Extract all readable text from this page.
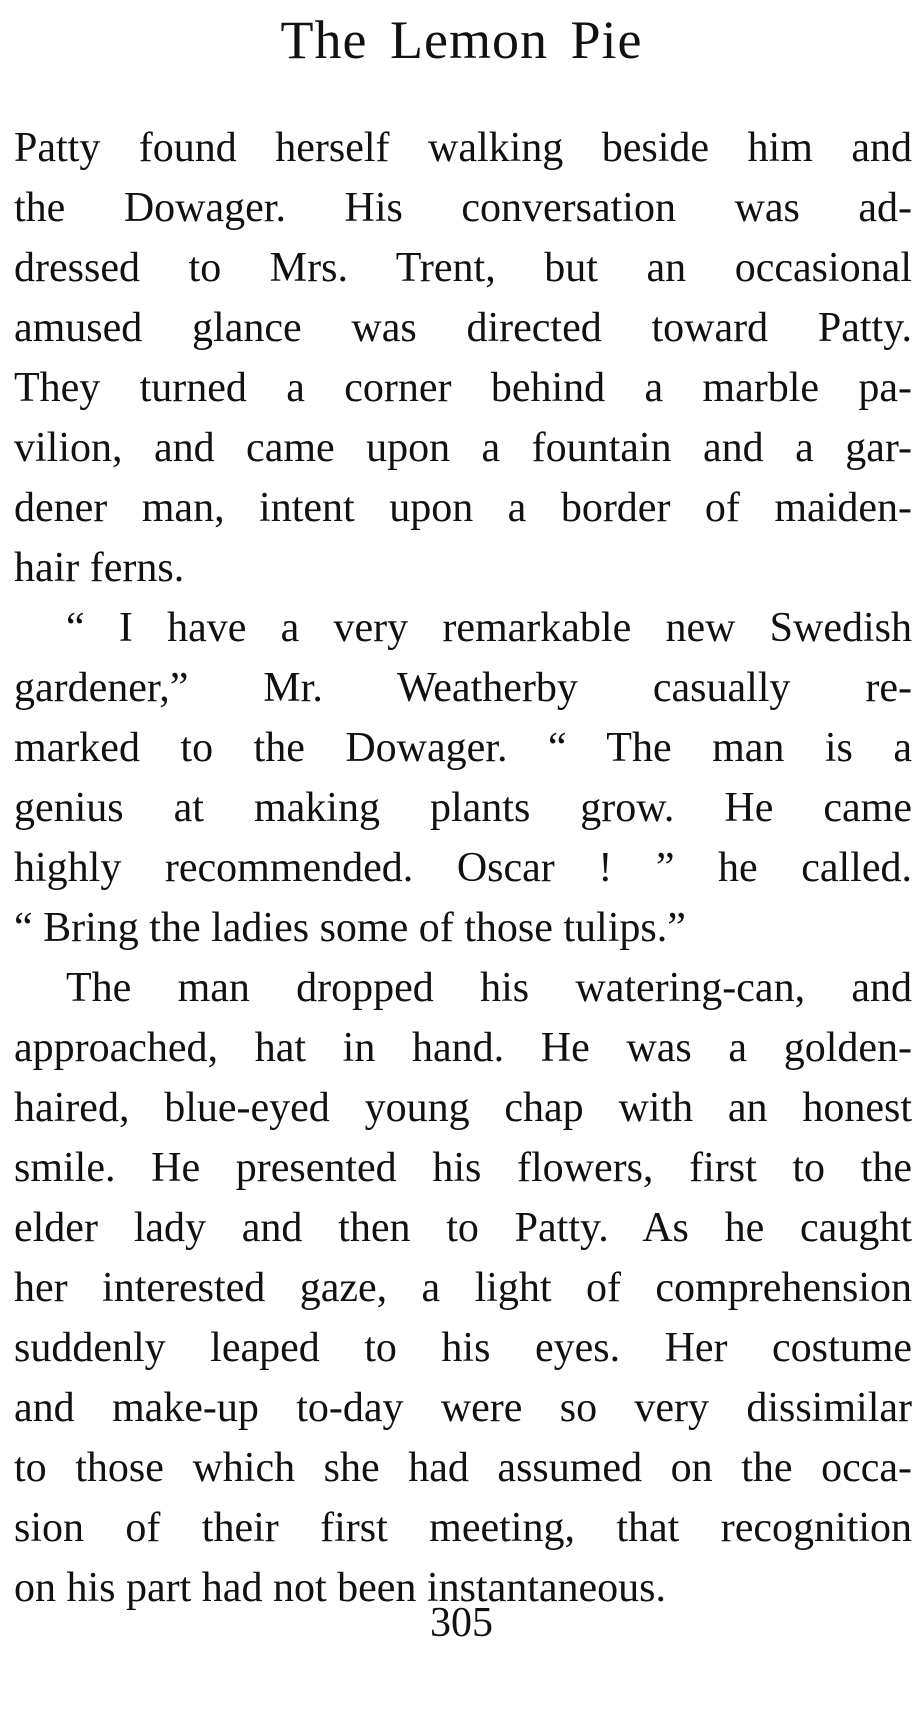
The Lemon Pie
Patty found herself walking beside him and
the Dowager. His conversation was ad-
dressed to Mrs. Trent, but an occasional
amused glance was directed toward Patty.
They turned a corner behind a marble pa-
vilion, and came upon a fountain and a gar-
dener man, intent upon a border of maiden-
hair ferns.
“ I have a very remarkable new Swedish
gardener,” Mr. Weatherby casually re-
marked to the Dowager. “ The man is a
genius at making plants grow. He came
highly recommended. Oscar ! ” he called.
“ Bring the ladies some of those tulips.”
The man dropped his watering-can, and
approached, hat in hand. He was a golden-
haired, blue-eyed young chap with an honest
smile. He presented his flowers, first to the
elder lady and then to Patty. As he caught
her interested gaze, a light of comprehension
suddenly leaped to his eyes. Her costume
and make-up to-day were so very dissimilar
to those which she had assumed on the occa-
sion of their first meeting, that recognition
on his part had not been instantaneous.
305
